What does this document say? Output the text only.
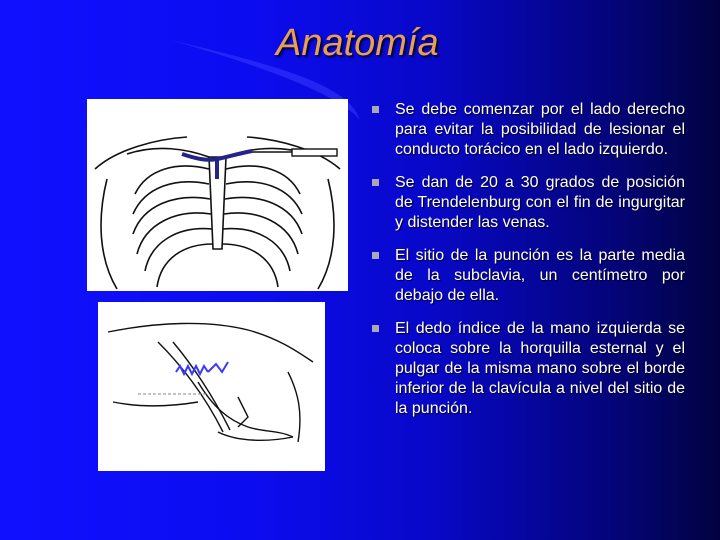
Anatomía
Se debe comenzar por el lado derecho para evitar la posibilidad de lesionar el conducto torácico en el lado izquierdo.
Se dan de 20 a 30 grados de posición de Trendelenburg con el fin de ingurgitar y distender las venas.
El sitio de la punción es la parte media de la subclavia, un centímetro por debajo de ella.
El dedo índice de la mano izquierda se coloca sobre la horquilla esternal y el pulgar de la misma mano sobre el borde inferior de la clavícula a nivel del sitio de la punción.
